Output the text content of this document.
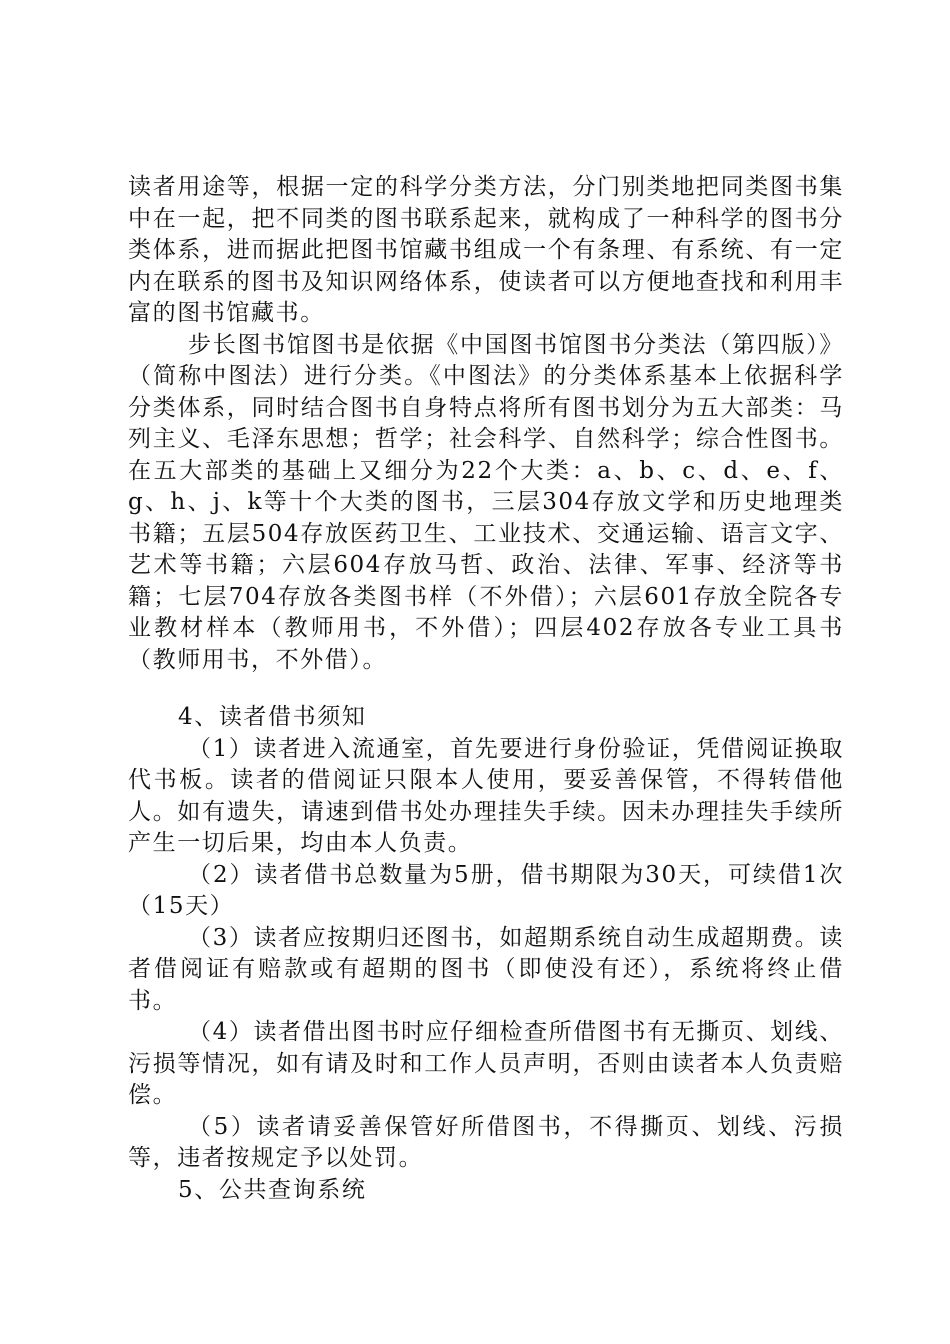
读者用途等，根据一定的科学分类方法，分门别类地把同类图书集中在一起，把不同类的图书联系起来，就构成了一种科学的图书分类体系，进而据此把图书馆藏书组成一个有条理、有系统、有一定内在联系的图书及知识网络体系，使读者可以方便地查找和利用丰富的图书馆藏书。

步长图书馆图书是依据《中国图书馆图书分类法（第四版）》（简称中图法）进行分类。《中图法》的分类体系基本上依据科学分类体系，同时结合图书自身特点将所有图书划分为五大部类：马列主义、毛泽东思想；哲学；社会科学、自然科学；综合性图书。在五大部类的基础上又细分为22个大类：a、b、c、d、e、f、g、h、j、k等十个大类的图书，三层304存放文学和历史地理类书籍；五层504存放医药卫生、工业技术、交通运输、语言文字、艺术等书籍；六层604存放马哲、政治、法律、军事、经济等书籍；七层704存放各类图书样（不外借）；六层601存放全院各专业教材样本（教师用书，不外借）；四层402存放各专业工具书（教师用书，不外借）。

4、读者借书须知

（1）读者进入流通室，首先要进行身份验证，凭借阅证换取代书板。读者的借阅证只限本人使用，要妥善保管，不得转借他人。如有遗失，请速到借书处办理挂失手续。因未办理挂失手续所产生一切后果，均由本人负责。

（2）读者借书总数量为5册，借书期限为30天，可续借1次（15天）

（3）读者应按期归还图书，如超期系统自动生成超期费。读者借阅证有赔款或有超期的图书（即使没有还），系统将终止借书。

（4）读者借出图书时应仔细检查所借图书有无撕页、划线、污损等情况，如有请及时和工作人员声明，否则由读者本人负责赔偿。

（5）读者请妥善保管好所借图书，不得撕页、划线、污损等，违者按规定予以处罚。

5、公共查询系统
